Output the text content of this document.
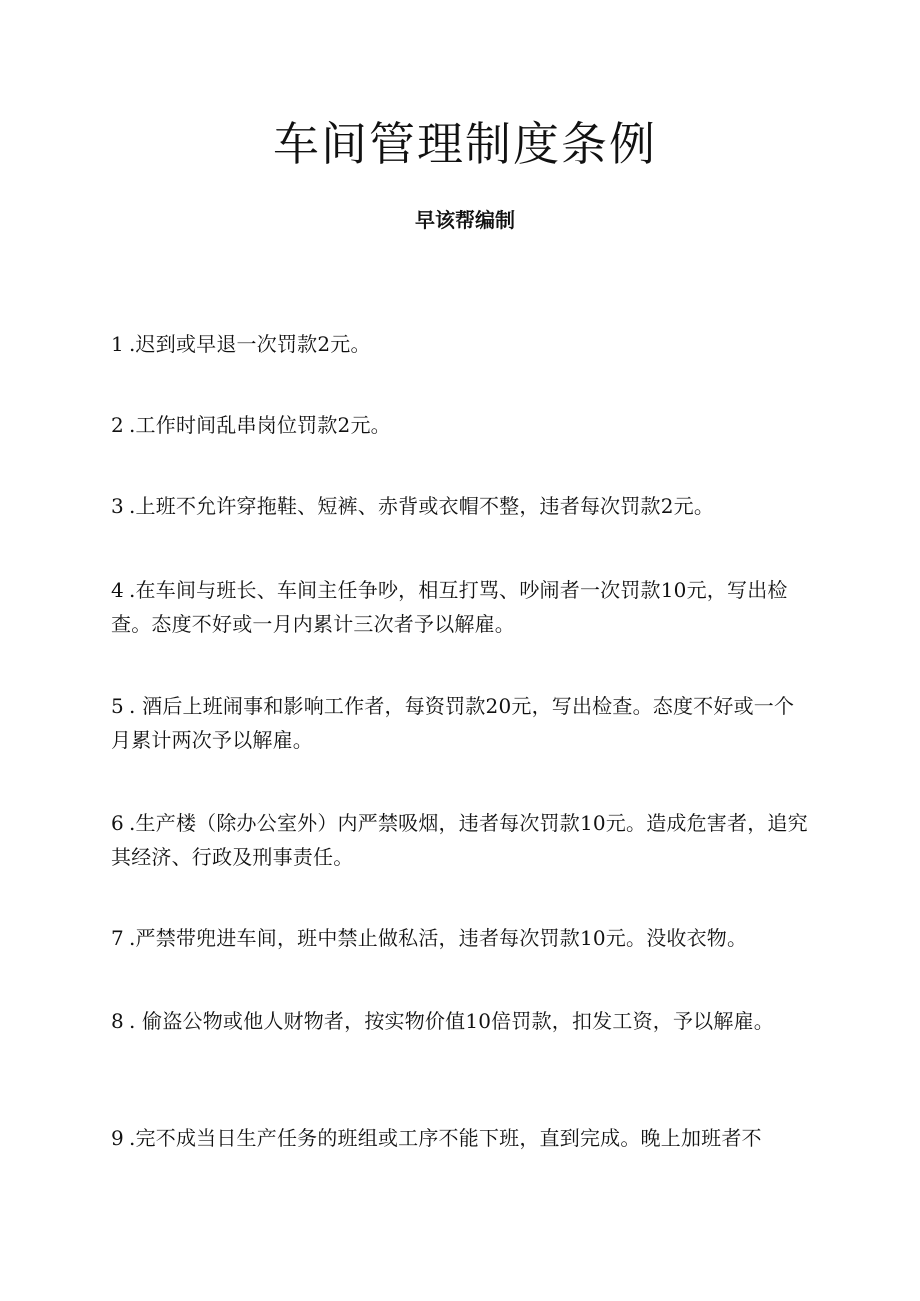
车间管理制度条例
早该帮编制
1 .迟到或早退一次罚款2元。
2 .工作时间乱串岗位罚款2元。
3 .上班不允许穿拖鞋、短裤、赤背或衣帽不整，违者每次罚款2元。
4 .在车间与班长、车间主任争吵，相互打骂、吵闹者一次罚款10元，写出检查。态度不好或一月内累计三次者予以解雇。
5 . 酒后上班闹事和影响工作者，每资罚款20元，写出检查。态度不好或一个月累计两次予以解雇。
6 .生产楼（除办公室外）内严禁吸烟，违者每次罚款10元。造成危害者，追究其经济、行政及刑事责任。
7 .严禁带兜进车间，班中禁止做私活，违者每次罚款10元。没收衣物。
8 . 偷盗公物或他人财物者，按实物价值10倍罚款，扣发工资，予以解雇。
9 .完不成当日生产任务的班组或工序不能下班，直到完成。晚上加班者不
